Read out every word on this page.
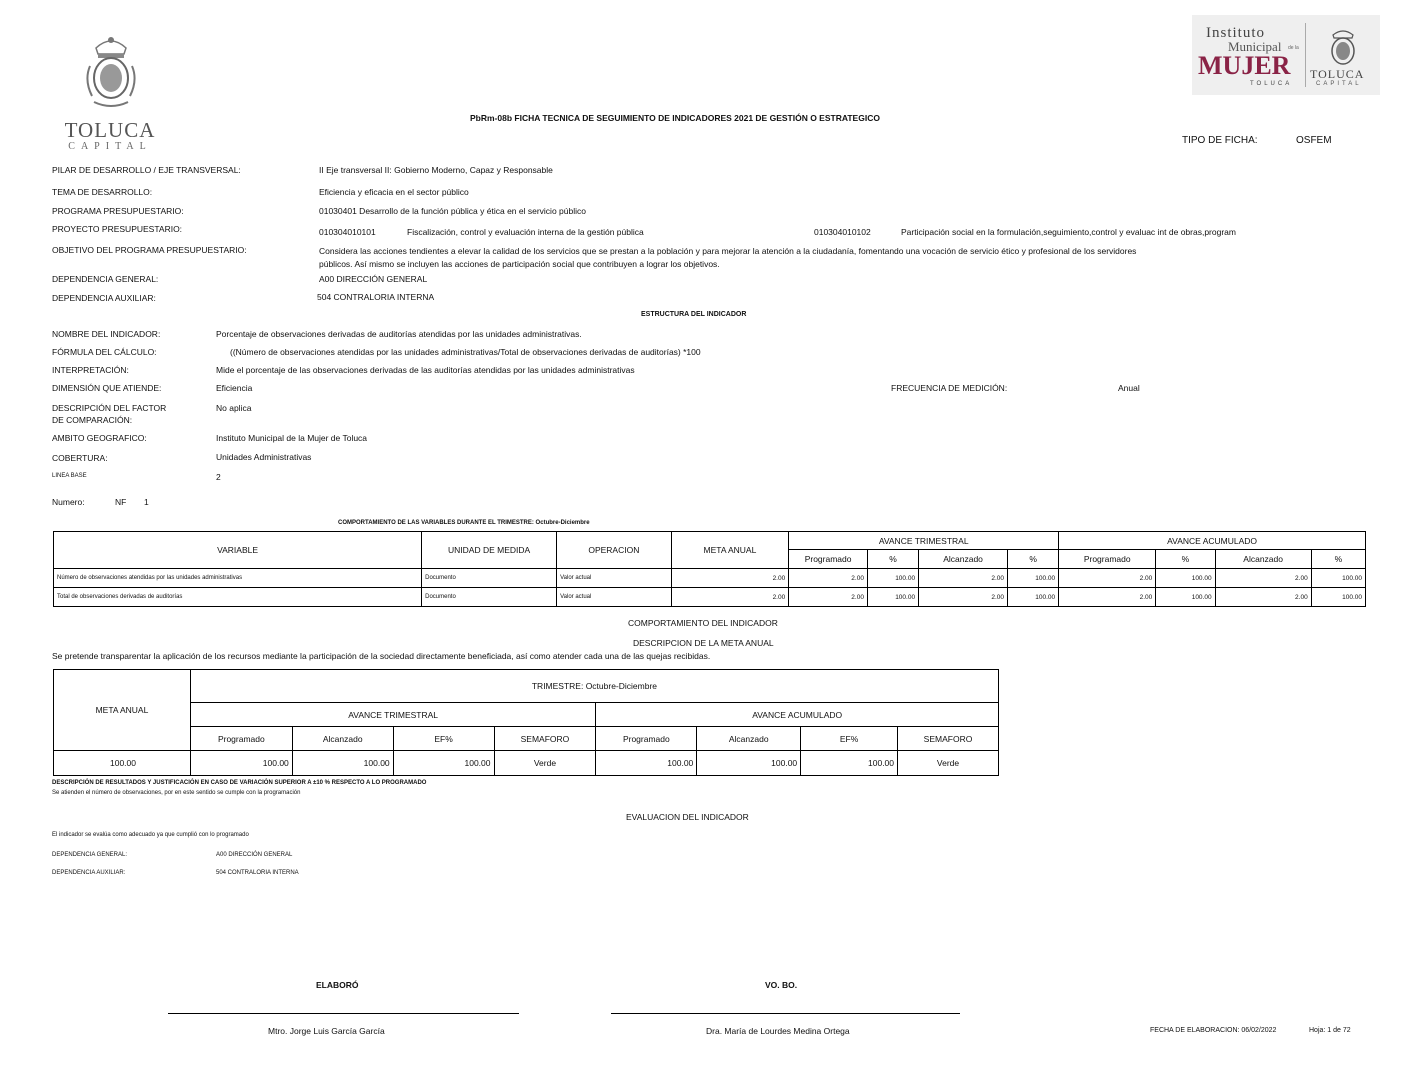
TOLUCA
CAPITAL
Instituto
Municipal de la
MUJER
TOLUCA
TOLUCA
CAPITAL
PbRm-08b FICHA TECNICA DE SEGUIMIENTO DE INDICADORES 2021 DE GESTIÓN O ESTRATEGICO
TIPO DE FICHA:	OSFEM
PILAR DE DESARROLLO / EJE TRANSVERSAL:	II Eje transversal II: Gobierno Moderno, Capaz y Responsable
TEMA DE DESARROLLO:	Eficiencia y eficacia en el sector público
PROGRAMA PRESUPUESTARIO:	01030401 Desarrollo de la función pública y ética en el servicio público
PROYECTO PRESUPUESTARIO:	010304010101	Fiscalización, control y evaluación interna de la gestión pública	010304010102	Participación social en la formulación,seguimiento,control y evaluac int de obras,program
OBJETIVO DEL PROGRAMA PRESUPUESTARIO:	Considera las acciones tendientes a elevar la calidad de los servicios que se prestan a la población y para mejorar la atención a la ciudadanía, fomentando una vocación de servicio ético y profesional de los servidores
públicos. Así mismo se incluyen las acciones de participación social que contribuyen a lograr los objetivos.
DEPENDENCIA GENERAL:	A00 DIRECCIÓN GENERAL
DEPENDENCIA AUXILIAR:	504 CONTRALORIA INTERNA
ESTRUCTURA DEL INDICADOR
NOMBRE DEL INDICADOR:	Porcentaje de observaciones derivadas de auditorías atendidas por las unidades administrativas.
FÓRMULA DEL CÁLCULO:	((Número de observaciones atendidas por las unidades administrativas/Total de observaciones derivadas de auditorías) *100
INTERPRETACIÓN:	Mide el porcentaje de las observaciones derivadas de las auditorías atendidas por las unidades administrativas
DIMENSIÓN QUE ATIENDE:	Eficiencia	FRECUENCIA DE MEDICIÓN:	Anual
DESCRIPCIÓN DEL FACTOR
DE COMPARACIÓN:
No aplica
AMBITO GEOGRAFICO:	Instituto Municipal de la Mujer de Toluca
COBERTURA:	Unidades Administrativas
LINEA BASE	2
Numero:	NF 1
COMPORTAMIENTO DE LAS VARIABLES DURANTE EL TRIMESTRE: Octubre-Diciembre
VARIABLE	UNIDAD DE MEDIDA	OPERACION	META ANUAL	AVANCE TRIMESTRAL				AVANCE ACUMULADO			
				Programado	%	Alcanzado	%	Programado	%	Alcanzado	%
Número de observaciones atendidas por las unidades administrativas	Documento	Valor actual	2.00	2.00	100.00	2.00	100.00	2.00	100.00	2.00	100.00
Total de observaciones derivadas de auditorías	Documento	Valor actual	2.00	2.00	100.00	2.00	100.00	2.00	100.00	2.00	100.00
COMPORTAMIENTO DEL INDICADOR
DESCRIPCION DE LA META ANUAL
Se pretende transparentar la aplicación de los recursos mediante la participación de la sociedad directamente beneficiada, así como atender cada una de las quejas recibidas.
META ANUAL	TRIMESTRE: Octubre-Diciembre							
	AVANCE TRIMESTRAL				AVANCE ACUMULADO			
	Programado	Alcanzado	EF%	SEMAFORO	Programado	Alcanzado	EF%	SEMAFORO
100.00	100.00	100.00	100.00	Verde	100.00	100.00	100.00	Verde
DESCRIPCIÓN DE RESULTADOS Y JUSTIFICACIÓN EN CASO DE VARIACIÓN SUPERIOR A ±10 % RESPECTO A LO PROGRAMADO
Se atienden el número de observaciones, por en este sentido se cumple con la programación
EVALUACION DEL INDICADOR
El indicador se evalúa como adecuado ya que cumplió con lo programado
DEPENDENCIA GENERAL:	A00 DIRECCIÓN GENERAL
DEPENDENCIA AUXILIAR:	504 CONTRALORIA INTERNA
ELABORÓ	VO. BO.
Mtro. Jorge Luis García García	Dra. María de Lourdes Medina Ortega	FECHA DE ELABORACION: 06/02/2022	Hoja: 1 de 72
